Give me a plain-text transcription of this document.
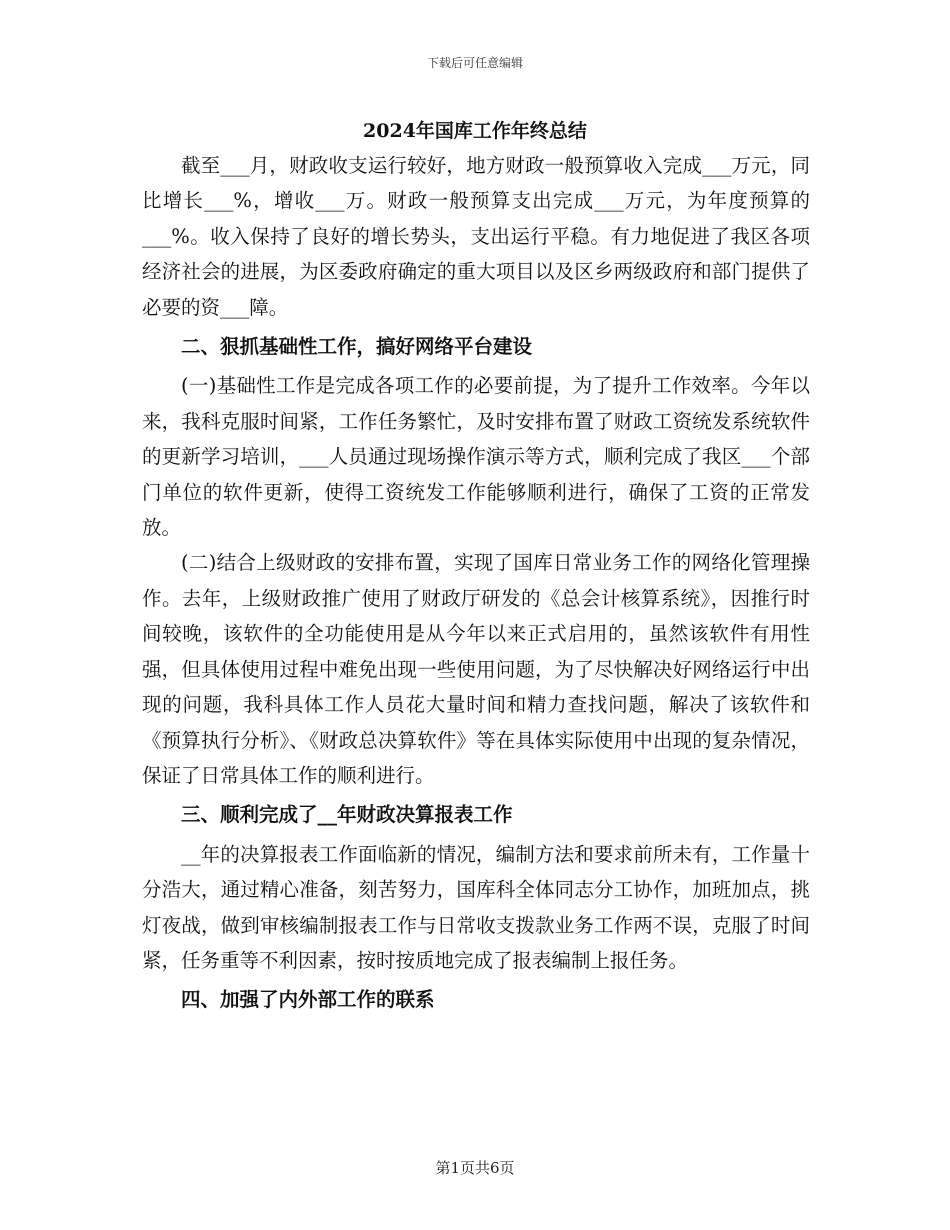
下载后可任意编辑
2024年国库工作年终总结

截至___月，财政收支运行较好，地方财政一般预算收入完成___万元，同比增长___%，增收___万。财政一般预算支出完成___万元，为年度预算的___%。收入保持了良好的增长势头，支出运行平稳。有力地促进了我区各项经济社会的进展，为区委政府确定的重大项目以及区乡两级政府和部门提供了必要的资___障。

二、狠抓基础性工作，搞好网络平台建设

(一)基础性工作是完成各项工作的必要前提，为了提升工作效率。今年以来，我科克服时间紧，工作任务繁忙，及时安排布置了财政工资统发系统软件的更新学习培训，___人员通过现场操作演示等方式，顺利完成了我区___个部门单位的软件更新，使得工资统发工作能够顺利进行，确保了工资的正常发放。

(二)结合上级财政的安排布置，实现了国库日常业务工作的网络化管理操作。去年，上级财政推广使用了财政厅研发的《总会计核算系统》，因推行时间较晚，该软件的全功能使用是从今年以来正式启用的，虽然该软件有用性强，但具体使用过程中难免出现一些使用问题，为了尽快解决好网络运行中出现的问题，我科具体工作人员花大量时间和精力查找问题，解决了该软件和《预算执行分析》、《财政总决算软件》等在具体实际使用中出现的复杂情况，保证了日常具体工作的顺利进行。

三、顺利完成了__年财政决算报表工作

__年的决算报表工作面临新的情况，编制方法和要求前所未有，工作量十分浩大，通过精心准备，刻苦努力，国库科全体同志分工协作，加班加点，挑灯夜战，做到审核编制报表工作与日常收支拨款业务工作两不误，克服了时间紧，任务重等不利因素，按时按质地完成了报表编制上报任务。

四、加强了内外部工作的联系

第1页共6页
